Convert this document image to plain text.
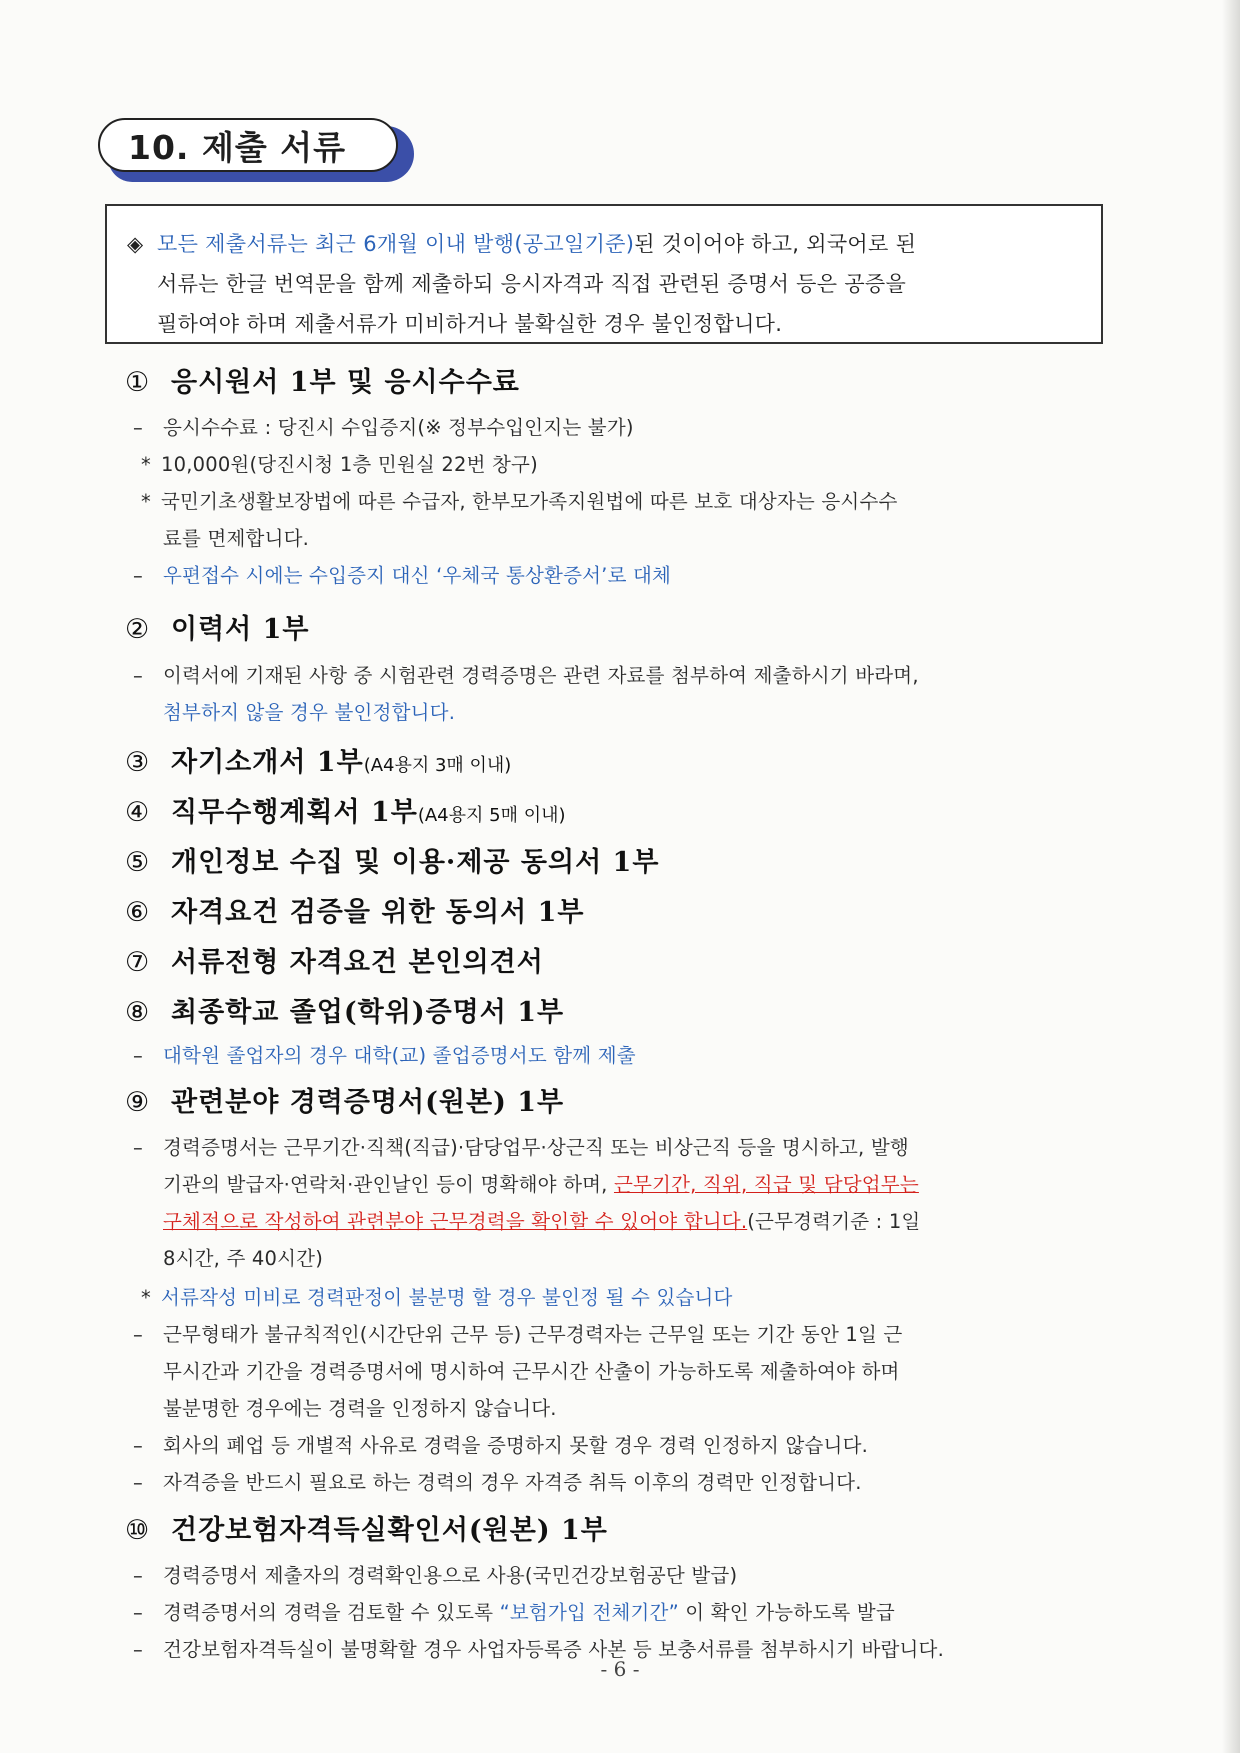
10. 제출 서류
◈ 모든 제출서류는 최근 6개월 이내 발행(공고일기준)된 것이어야 하고, 외국어로 된
서류는 한글 번역문을 함께 제출하되 응시자격과 직접 관련된 증명서 등은 공증을
필하여야 하며 제출서류가 미비하거나 불확실한 경우 불인정합니다.
① 응시원서 1부 및 응시수수료
– 응시수수료 : 당진시 수입증지(※ 정부수입인지는 불가)
* 10,000원(당진시청 1층 민원실 22번 창구)
* 국민기초생활보장법에 따른 수급자, 한부모가족지원법에 따른 보호 대상자는 응시수수
료를 면제합니다.
– 우편접수 시에는 수입증지 대신 ‘우체국 통상환증서’로 대체
② 이력서 1부
– 이력서에 기재된 사항 중 시험관련 경력증명은 관련 자료를 첨부하여 제출하시기 바라며,
첨부하지 않을 경우 불인정합니다.
③ 자기소개서 1부(A4용지 3매 이내)
④ 직무수행계획서 1부(A4용지 5매 이내)
⑤ 개인정보 수집 및 이용·제공 동의서 1부
⑥ 자격요건 검증을 위한 동의서 1부
⑦ 서류전형 자격요건 본인의견서
⑧ 최종학교 졸업(학위)증명서 1부
– 대학원 졸업자의 경우 대학(교) 졸업증명서도 함께 제출
⑨ 관련분야 경력증명서(원본) 1부
– 경력증명서는 근무기간·직책(직급)·담당업무·상근직 또는 비상근직 등을 명시하고, 발행
기관의 발급자·연락처·관인날인 등이 명확해야 하며, 근무기간, 직위, 직급 및 담당업무는
구체적으로 작성하여 관련분야 근무경력을 확인할 수 있어야 합니다.(근무경력기준 : 1일
8시간, 주 40시간)
* 서류작성 미비로 경력판정이 불분명 할 경우 불인정 될 수 있습니다
– 근무형태가 불규칙적인(시간단위 근무 등) 근무경력자는 근무일 또는 기간 동안 1일 근
무시간과 기간을 경력증명서에 명시하여 근무시간 산출이 가능하도록 제출하여야 하며
불분명한 경우에는 경력을 인정하지 않습니다.
– 회사의 폐업 등 개별적 사유로 경력을 증명하지 못할 경우 경력 인정하지 않습니다.
– 자격증을 반드시 필요로 하는 경력의 경우 자격증 취득 이후의 경력만 인정합니다.
⑩ 건강보험자격득실확인서(원본) 1부
– 경력증명서 제출자의 경력확인용으로 사용(국민건강보험공단 발급)
– 경력증명서의 경력을 검토할 수 있도록 “보험가입 전체기간” 이 확인 가능하도록 발급
– 건강보험자격득실이 불명확할 경우 사업자등록증 사본 등 보충서류를 첨부하시기 바랍니다.
- 6 -
